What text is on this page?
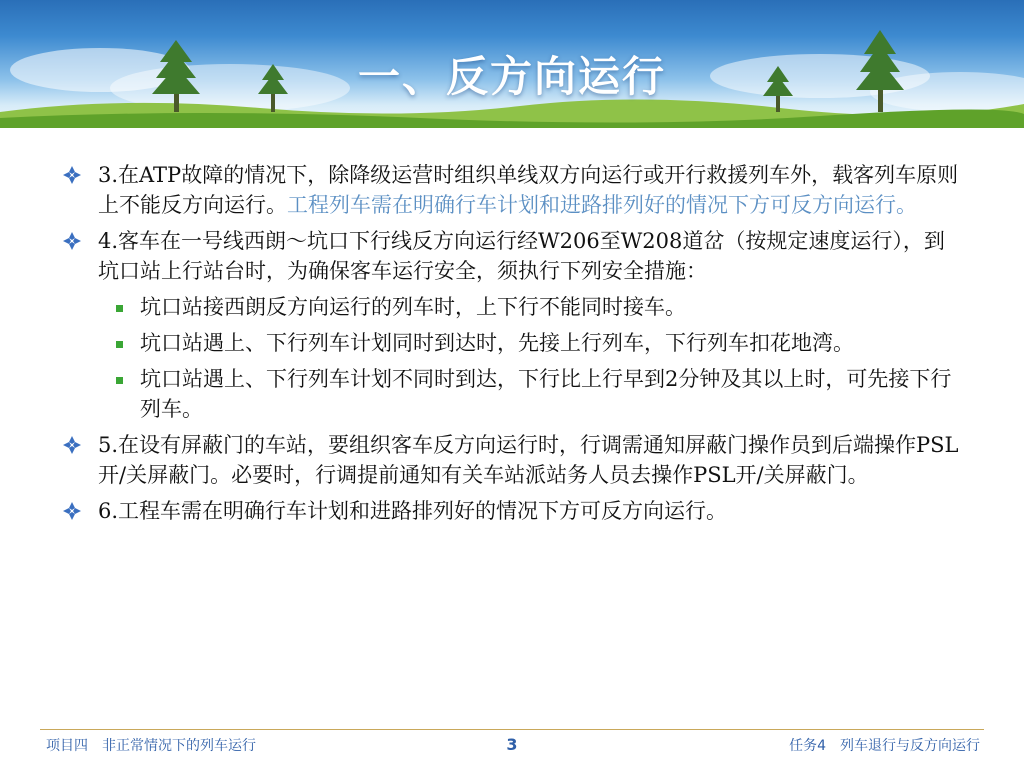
一、反方向运行
3.在ATP故障的情况下，除降级运营时组织单线双方向运行或开行救援列车外，载客列车原则上不能反方向运行。工程列车需在明确行车计划和进路排列好的情况下方可反方向运行。
4.客车在一号线西朗～坑口下行线反方向运行经W206至W208道岔（按规定速度运行），到坑口站上行站台时，为确保客车运行安全，须执行下列安全措施：
坑口站接西朗反方向运行的列车时，上下行不能同时接车。
坑口站遇上、下行列车计划同时到达时，先接上行列车，下行列车扣花地湾。
坑口站遇上、下行列车计划不同时到达，下行比上行早到2分钟及其以上时，可先接下行列车。
5.在设有屏蔽门的车站，要组织客车反方向运行时，行调需通知屏蔽门操作员到后端操作PSL开/关屏蔽门。必要时，行调提前通知有关车站派站务人员去操作PSL开/关屏蔽门。
6.工程车需在明确行车计划和进路排列好的情况下方可反方向运行。
项目四　非正常情况下的列车运行	3	任务4　列车退行与反方向运行
